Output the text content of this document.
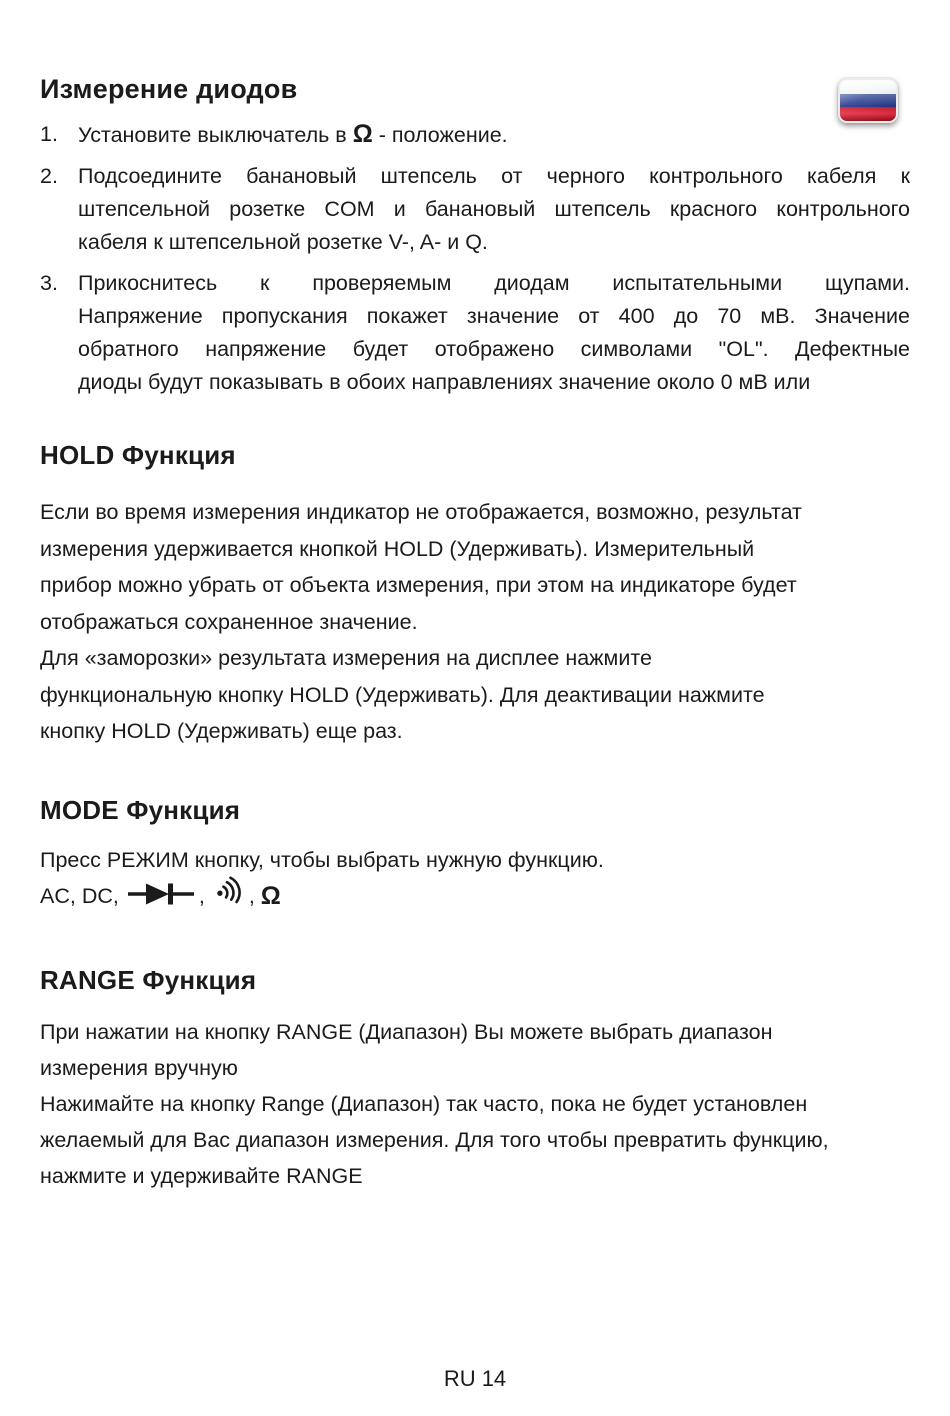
Измерение диодов
1. Установите выключатель в Ω - положение.
2. Подсоедините банановый штепсель от черного контрольного кабеля к
штепсельной розетке COM и банановый штепсель красного контрольного
кабеля к штепсельной розетке V-, A- и Q.
3. Прикоснитесь к проверяемым диодам испытательными щупами.
Напряжение пропускания покажет значение от 400 до 70 мВ. Значение
обратного напряжение будет отображено символами "OL". Дефектные
диоды будут показывать в обоих направлениях значение около 0 мВ или
HOLD Функция
Если во время измерения индикатор не отображается, возможно, результат
измерения удерживается кнопкой HOLD (Удерживать). Измерительный
прибор можно убрать от объекта измерения, при этом на индикаторе будет
отображаться сохраненное значение.
Для «заморозки» результата измерения на дисплее нажмите
функциональную кнопку HOLD (Удерживать). Для деактивации нажмите
кнопку HOLD (Удерживать) еще раз.
MODE Функция
Пресс РЕЖИМ кнопку, чтобы выбрать нужную функцию.
AC, DC,	, ,
Ω
RANGE Функция
При нажатии на кнопку RANGE (Диапазон) Вы можете выбрать диапазон
измерения вручную
Нажимайте на кнопку Range (Диапазон) так часто, пока не будет установлен
желаемый для Вас диапазон измерения. Для того чтобы превратить функцию,
нажмите и удерживайте RANGE
RU 14
